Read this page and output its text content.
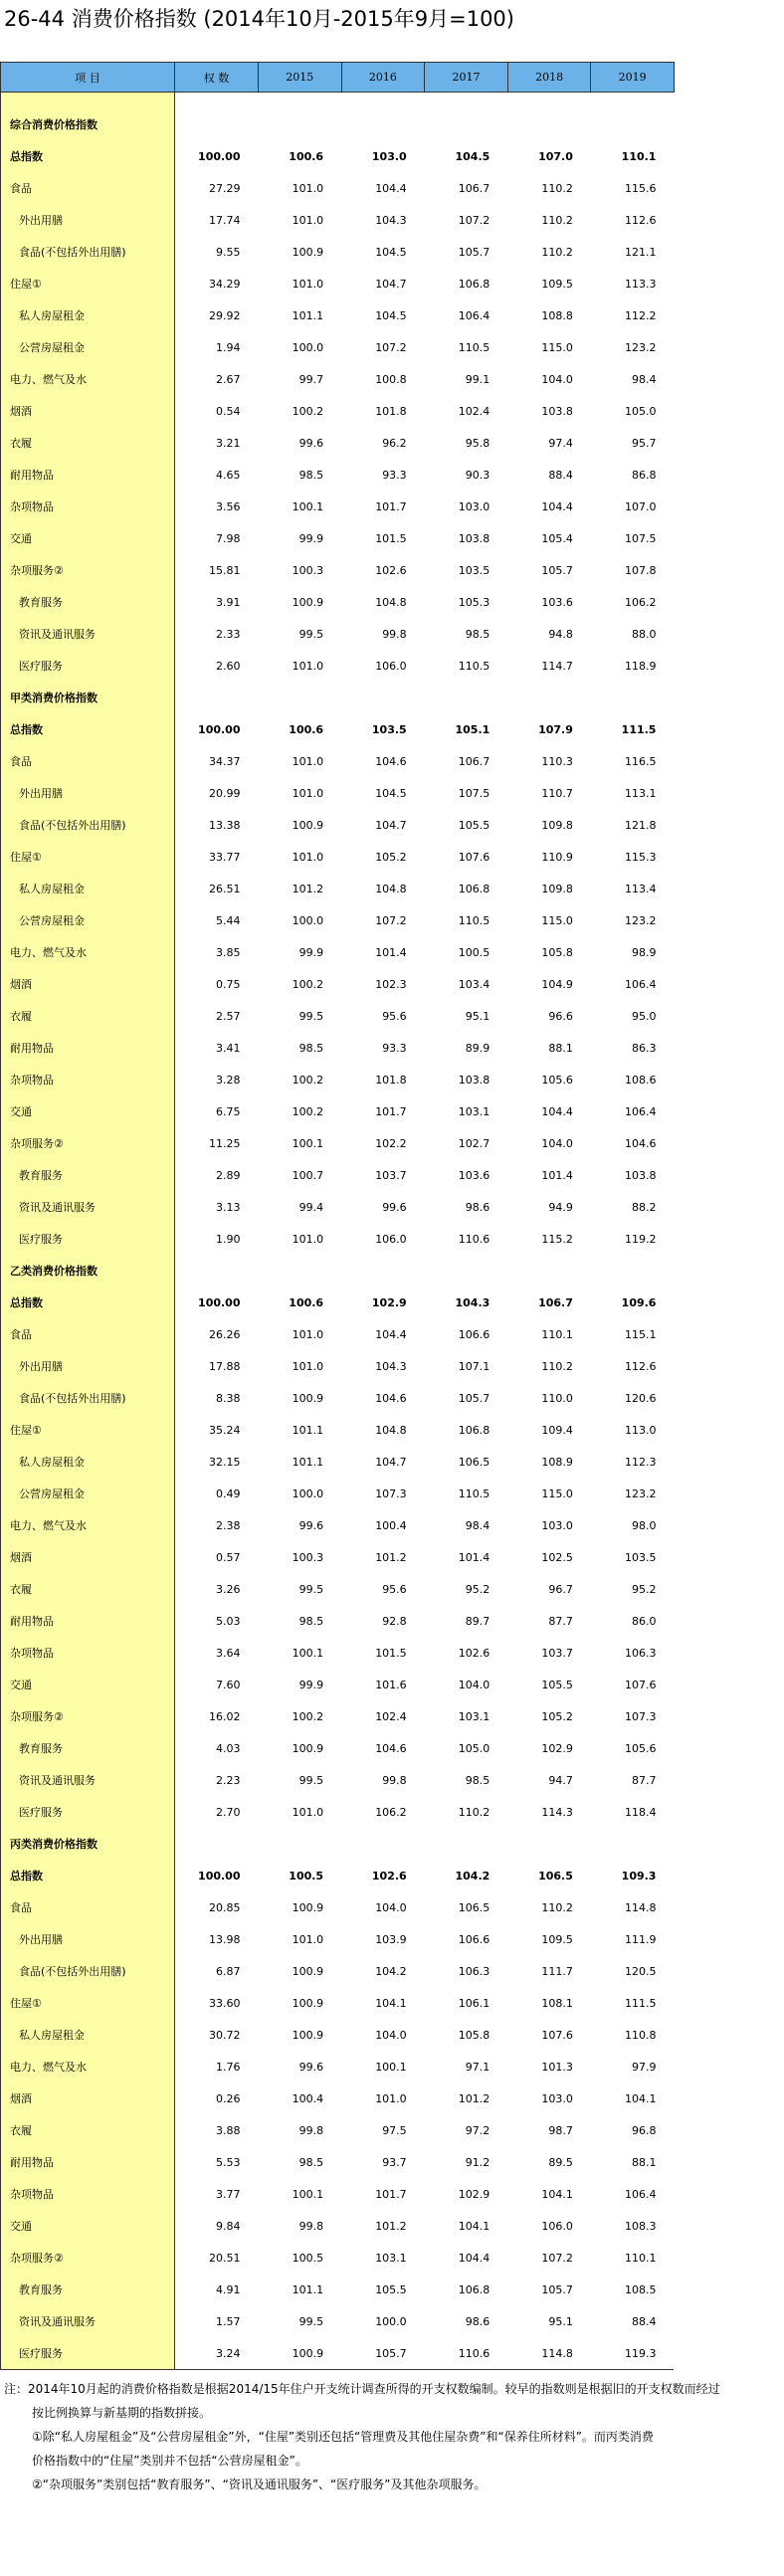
26-44 消费价格指数 (2014年10月-2015年9月=100)
项 目	权 数	2015	2016	2017	2018	2019

综合消费价格指数						
总指数	100.00	100.6	103.0	104.5	107.0	110.1
食品	27.29	101.0	104.4	106.7	110.2	115.6
外出用膳	17.74	101.0	104.3	107.2	110.2	112.6
食品(不包括外出用膳)	9.55	100.9	104.5	105.7	110.2	121.1
住屋①	34.29	101.0	104.7	106.8	109.5	113.3
私人房屋租金	29.92	101.1	104.5	106.4	108.8	112.2
公营房屋租金	1.94	100.0	107.2	110.5	115.0	123.2
电力、燃气及水	2.67	99.7	100.8	99.1	104.0	98.4
烟酒	0.54	100.2	101.8	102.4	103.8	105.0
衣履	3.21	99.6	96.2	95.8	97.4	95.7
耐用物品	4.65	98.5	93.3	90.3	88.4	86.8
杂项物品	3.56	100.1	101.7	103.0	104.4	107.0
交通	7.98	99.9	101.5	103.8	105.4	107.5
杂项服务②	15.81	100.3	102.6	103.5	105.7	107.8
教育服务	3.91	100.9	104.8	105.3	103.6	106.2
资讯及通讯服务	2.33	99.5	99.8	98.5	94.8	88.0
医疗服务	2.60	101.0	106.0	110.5	114.7	118.9
甲类消费价格指数						
总指数	100.00	100.6	103.5	105.1	107.9	111.5
食品	34.37	101.0	104.6	106.7	110.3	116.5
外出用膳	20.99	101.0	104.5	107.5	110.7	113.1
食品(不包括外出用膳)	13.38	100.9	104.7	105.5	109.8	121.8
住屋①	33.77	101.0	105.2	107.6	110.9	115.3
私人房屋租金	26.51	101.2	104.8	106.8	109.8	113.4
公营房屋租金	5.44	100.0	107.2	110.5	115.0	123.2
电力、燃气及水	3.85	99.9	101.4	100.5	105.8	98.9
烟酒	0.75	100.2	102.3	103.4	104.9	106.4
衣履	2.57	99.5	95.6	95.1	96.6	95.0
耐用物品	3.41	98.5	93.3	89.9	88.1	86.3
杂项物品	3.28	100.2	101.8	103.8	105.6	108.6
交通	6.75	100.2	101.7	103.1	104.4	106.4
杂项服务②	11.25	100.1	102.2	102.7	104.0	104.6
教育服务	2.89	100.7	103.7	103.6	101.4	103.8
资讯及通讯服务	3.13	99.4	99.6	98.6	94.9	88.2
医疗服务	1.90	101.0	106.0	110.6	115.2	119.2
乙类消费价格指数						
总指数	100.00	100.6	102.9	104.3	106.7	109.6
食品	26.26	101.0	104.4	106.6	110.1	115.1
外出用膳	17.88	101.0	104.3	107.1	110.2	112.6
食品(不包括外出用膳)	8.38	100.9	104.6	105.7	110.0	120.6
住屋①	35.24	101.1	104.8	106.8	109.4	113.0
私人房屋租金	32.15	101.1	104.7	106.5	108.9	112.3
公营房屋租金	0.49	100.0	107.3	110.5	115.0	123.2
电力、燃气及水	2.38	99.6	100.4	98.4	103.0	98.0
烟酒	0.57	100.3	101.2	101.4	102.5	103.5
衣履	3.26	99.5	95.6	95.2	96.7	95.2
耐用物品	5.03	98.5	92.8	89.7	87.7	86.0
杂项物品	3.64	100.1	101.5	102.6	103.7	106.3
交通	7.60	99.9	101.6	104.0	105.5	107.6
杂项服务②	16.02	100.2	102.4	103.1	105.2	107.3
教育服务	4.03	100.9	104.6	105.0	102.9	105.6
资讯及通讯服务	2.23	99.5	99.8	98.5	94.7	87.7
医疗服务	2.70	101.0	106.2	110.2	114.3	118.4
丙类消费价格指数						
总指数	100.00	100.5	102.6	104.2	106.5	109.3
食品	20.85	100.9	104.0	106.5	110.2	114.8
外出用膳	13.98	101.0	103.9	106.6	109.5	111.9
食品(不包括外出用膳)	6.87	100.9	104.2	106.3	111.7	120.5
住屋①	33.60	100.9	104.1	106.1	108.1	111.5
私人房屋租金	30.72	100.9	104.0	105.8	107.6	110.8
电力、燃气及水	1.76	99.6	100.1	97.1	101.3	97.9
烟酒	0.26	100.4	101.0	101.2	103.0	104.1
衣履	3.88	99.8	97.5	97.2	98.7	96.8
耐用物品	5.53	98.5	93.7	91.2	89.5	88.1
杂项物品	3.77	100.1	101.7	102.9	104.1	106.4
交通	9.84	99.8	101.2	104.1	106.0	108.3
杂项服务②	20.51	100.5	103.1	104.4	107.2	110.1
教育服务	4.91	101.1	105.5	106.8	105.7	108.5
资讯及通讯服务	1.57	99.5	100.0	98.6	95.1	88.4
医疗服务	3.24	100.9	105.7	110.6	114.8	119.3

注：2014年10月起的消费价格指数是根据2014/15年住户开支统计调查所得的开支权数编制。较早的指数则是根据旧的开支权数而经过

按比例换算与新基期的指数拼接。

①除“私人房屋租金”及“公营房屋租金”外，“住屋”类别还包括“管理费及其他住屋杂费”和“保养住所材料”。而丙类消费

价格指数中的“住屋”类别并不包括“公营房屋租金”。

②“杂项服务”类别包括“教育服务”、“资讯及通讯服务”、“医疗服务”及其他杂项服务。
